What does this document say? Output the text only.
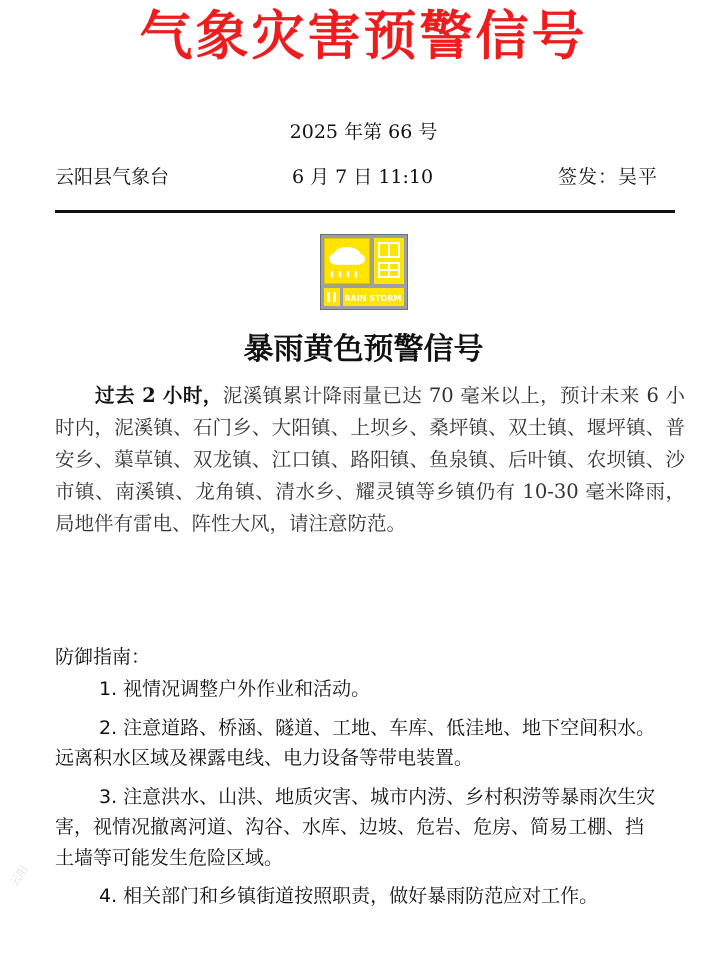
气象灾害预警信号
2025 年第 66 号
云阳县气象台	6 月 7 日 11:10	签发：吴平
RAIN STORM
暴雨黄色预警信号
过去 2 小时，泥溪镇累计降雨量已达 70 毫米以上，预计未来 6 小时内，泥溪镇、石门乡、大阳镇、上坝乡、桑坪镇、双土镇、堰坪镇、普安乡、蕖草镇、双龙镇、江口镇、路阳镇、鱼泉镇、后叶镇、农坝镇、沙市镇、南溪镇、龙角镇、清水乡、耀灵镇等乡镇仍有 10-30 毫米降雨，局地伴有雷电、阵性大风，请注意防范。
防御指南：
1. 视情况调整户外作业和活动。
2. 注意道路、桥涵、隧道、工地、车库、低洼地、地下空间积水。远离积水区域及裸露电线、电力设备等带电装置。
3. 注意洪水、山洪、地质灾害、城市内涝、乡村积涝等暴雨次生灾害，视情况撤离河道、沟谷、水库、边坡、危岩、危房、简易工棚、挡土墙等可能发生危险区域。
4. 相关部门和乡镇街道按照职责，做好暴雨防范应对工作。
云阳
